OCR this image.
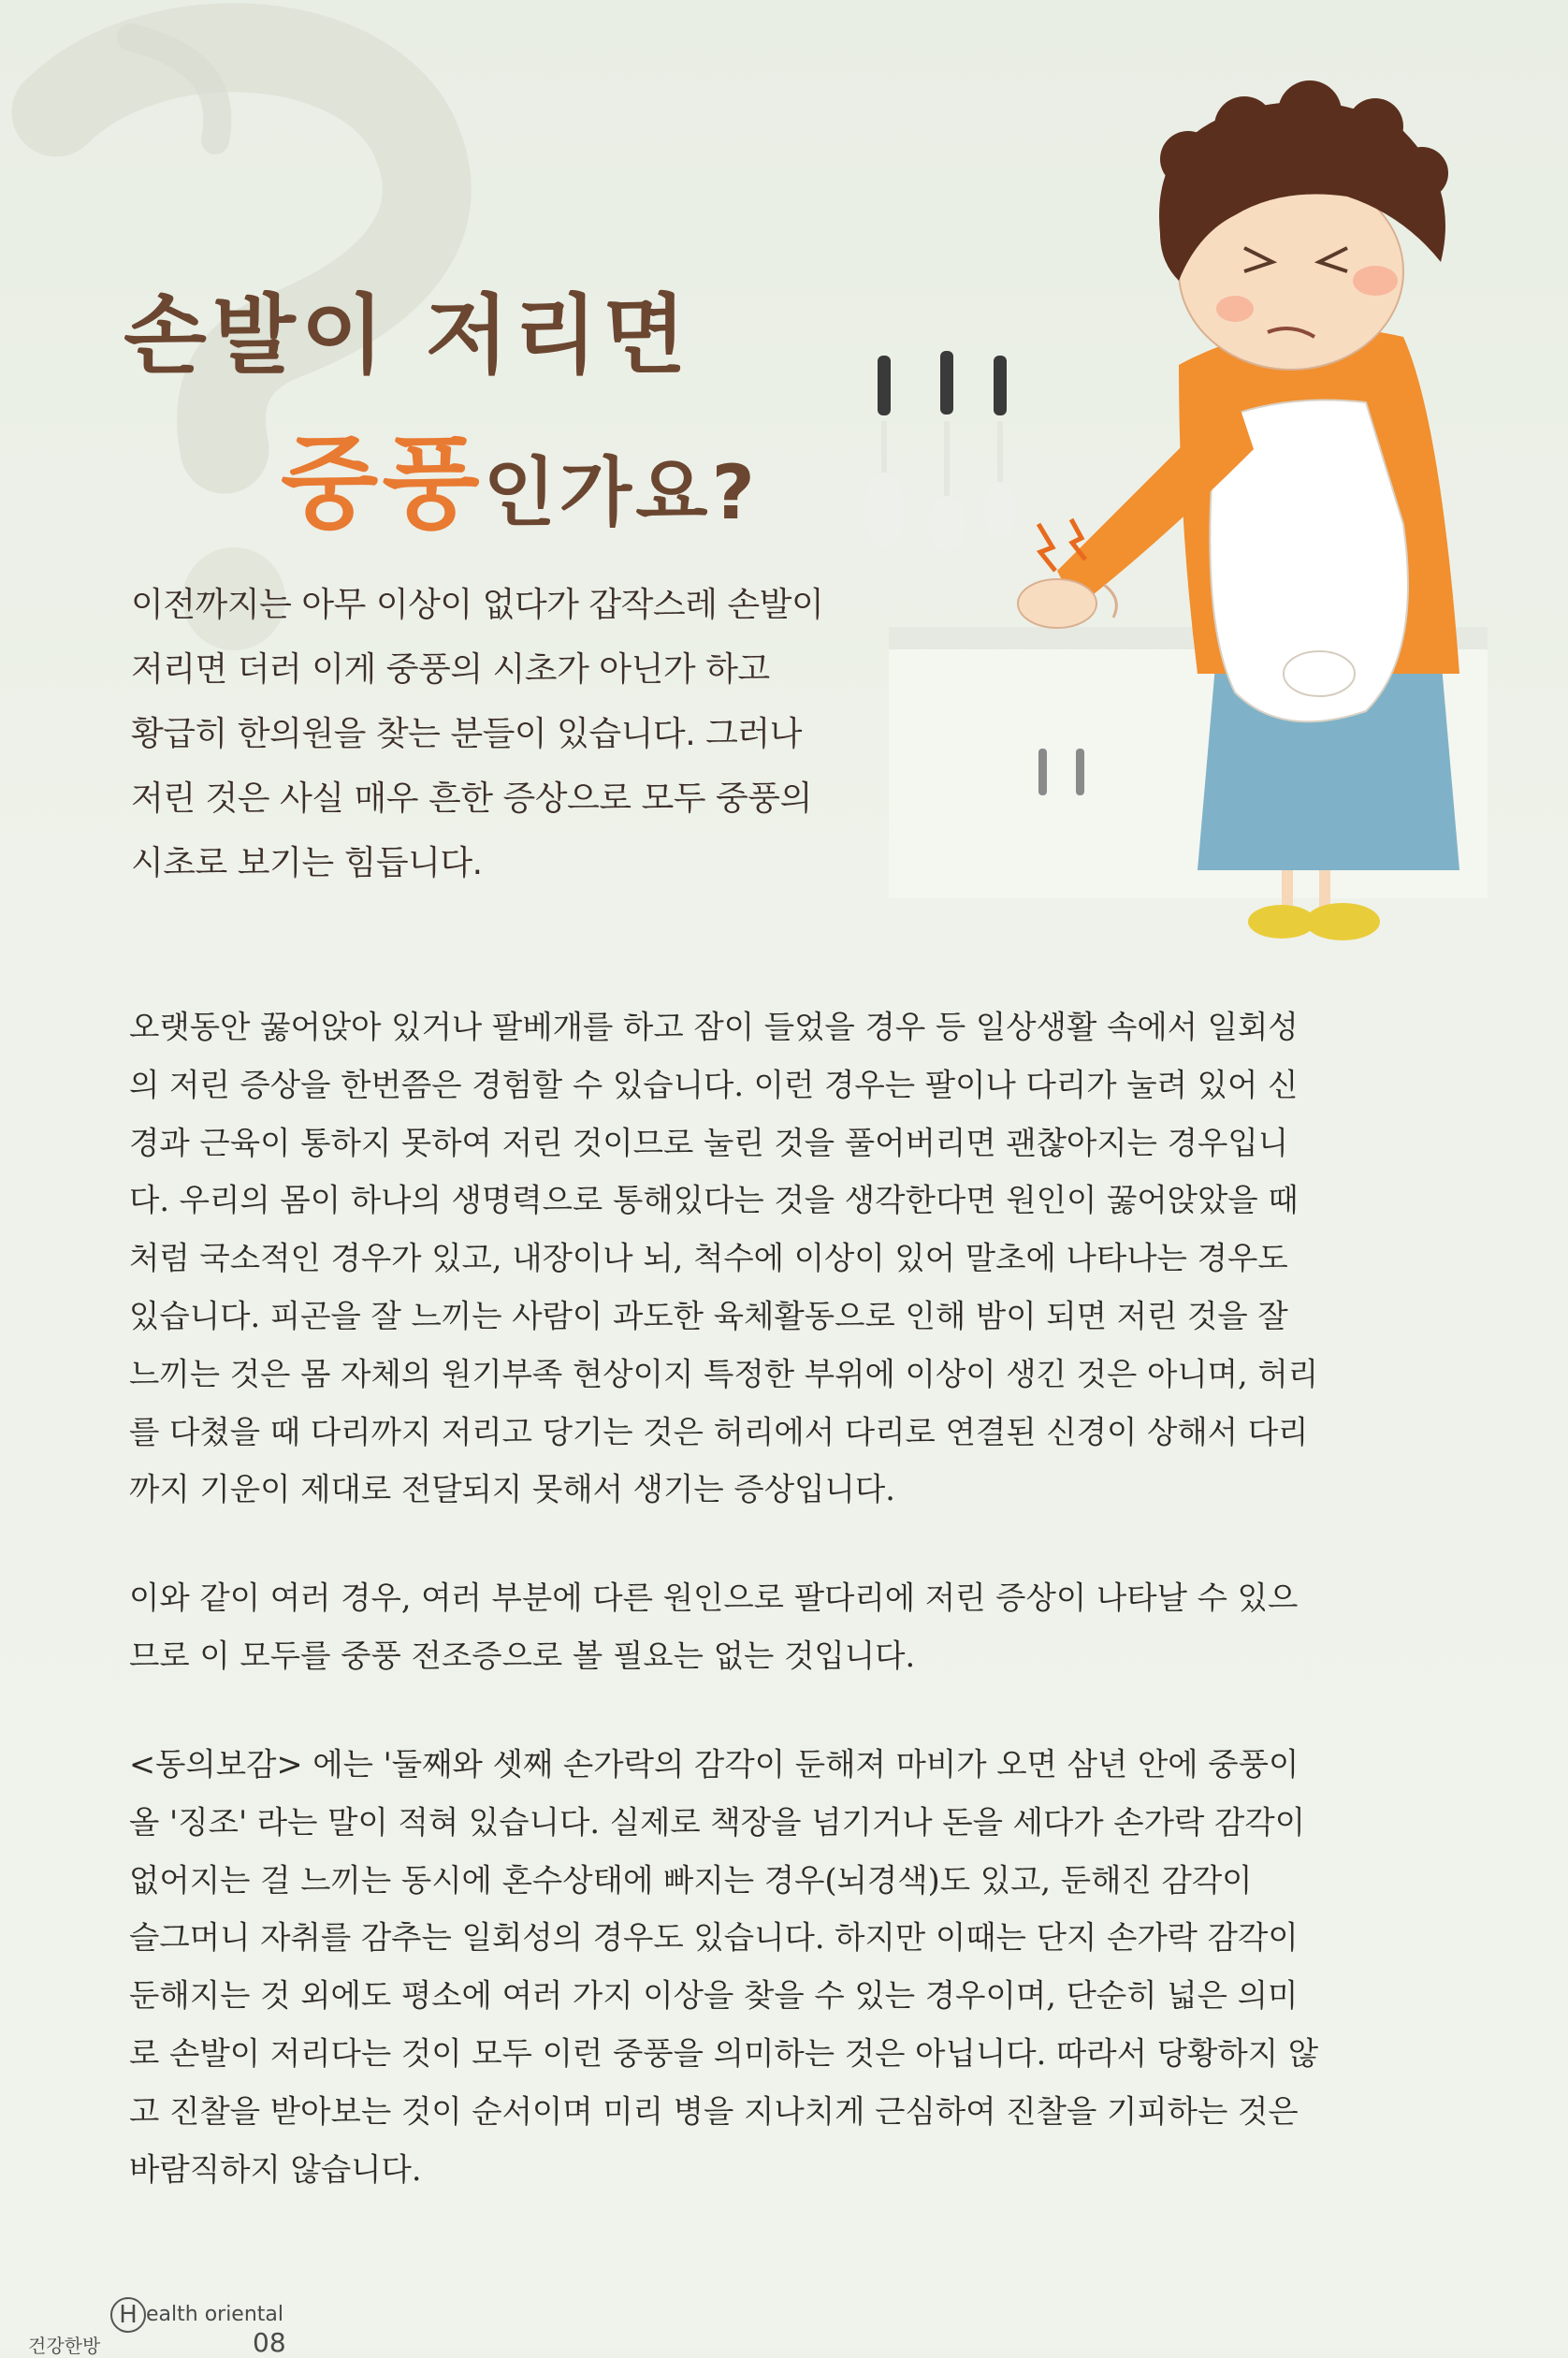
손발이 저리면
중풍인가요?
이전까지는 아무 이상이 없다가 갑작스레 손발이
저리면 더러 이게 중풍의 시초가 아닌가 하고
황급히 한의원을 찾는 분들이 있습니다. 그러나
저린 것은 사실 매우 흔한 증상으로 모두 중풍의
시초로 보기는 힘듭니다.
오랫동안 꿇어앉아 있거나 팔베개를 하고 잠이 들었을 경우 등 일상생활 속에서 일회성
의 저린 증상을 한번쯤은 경험할 수 있습니다. 이런 경우는 팔이나 다리가 눌려 있어 신
경과 근육이 통하지 못하여 저린 것이므로 눌린 것을 풀어버리면 괜찮아지는 경우입니
다. 우리의 몸이 하나의 생명력으로 통해있다는 것을 생각한다면 원인이 꿇어앉았을 때
처럼 국소적인 경우가 있고, 내장이나 뇌, 척수에 이상이 있어 말초에 나타나는 경우도
있습니다. 피곤을 잘 느끼는 사람이 과도한 육체활동으로 인해 밤이 되면 저린 것을 잘
느끼는 것은 몸 자체의 원기부족 현상이지 특정한 부위에 이상이 생긴 것은 아니며, 허리
를 다쳤을 때 다리까지 저리고 당기는 것은 허리에서 다리로 연결된 신경이 상해서 다리
까지 기운이 제대로 전달되지 못해서 생기는 증상입니다.
이와 같이 여러 경우, 여러 부분에 다른 원인으로 팔다리에 저린 증상이 나타날 수 있으
므로 이 모두를 중풍 전조증으로 볼 필요는 없는 것입니다.
<동의보감> 에는 '둘째와 셋째 손가락의 감각이 둔해져 마비가 오면 삼년 안에 중풍이
올 '징조' 라는 말이 적혀 있습니다. 실제로 책장을 넘기거나 돈을 세다가 손가락 감각이
없어지는 걸 느끼는 동시에 혼수상태에 빠지는 경우(뇌경색)도 있고, 둔해진 감각이
슬그머니 자취를 감추는 일회성의 경우도 있습니다. 하지만 이때는 단지 손가락 감각이
둔해지는 것 외에도 평소에 여러 가지 이상을 찾을 수 있는 경우이며, 단순히 넓은 의미
로 손발이 저리다는 것이 모두 이런 중풍을 의미하는 것은 아닙니다. 따라서 당황하지 않
고 진찰을 받아보는 것이 순서이며 미리 병을 지나치게 근심하여 진찰을 기피하는 것은
바람직하지 않습니다.
H ealth oriental
건강한방	08
